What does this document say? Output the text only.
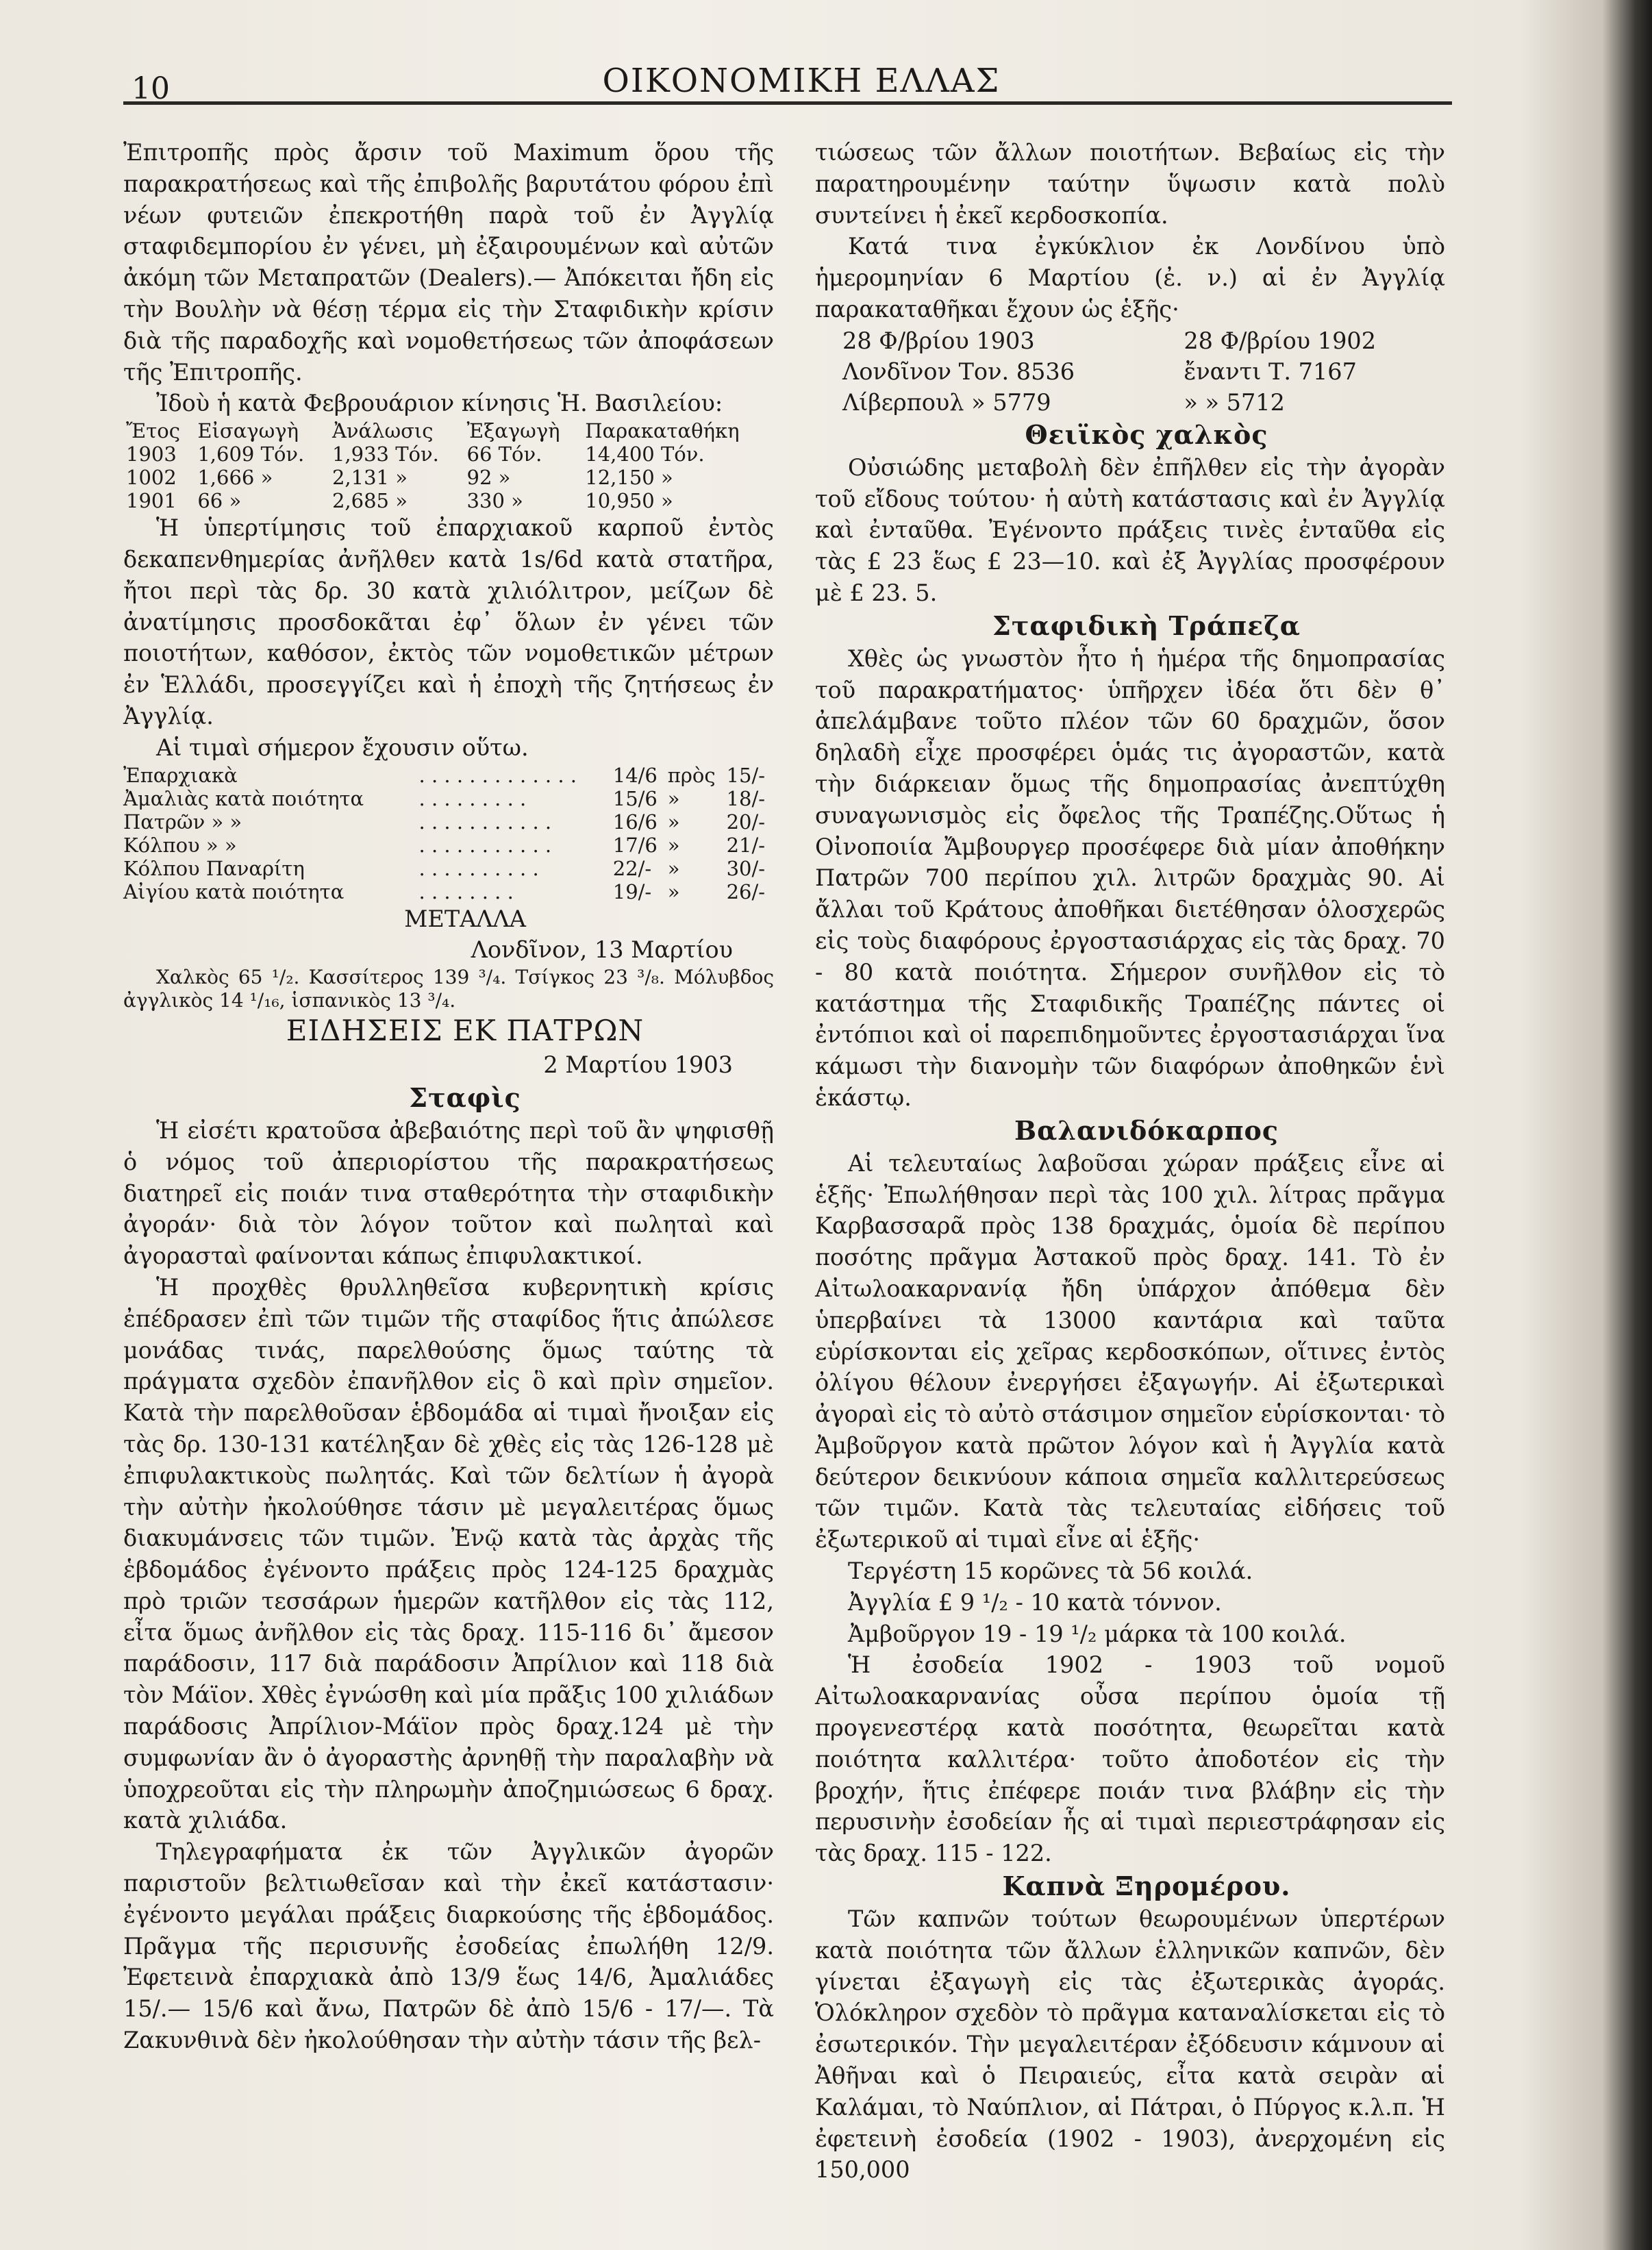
10	ΟΙΚΟΝΟΜΙΚΗ ΕΛΛΑΣ

Ἐπιτροπῆς πρὸς ἄρσιν τοῦ Maximum ὅρου τῆς παρακρατήσεως καὶ τῆς ἐπιβολῆς βαρυτάτου φόρου ἐπὶ νέων φυτειῶν ἐπεκροτήθη παρὰ τοῦ ἐν Ἀγγλίᾳ σταφιδεμπορίου ἐν γένει, μὴ ἐξαιρουμένων καὶ αὐτῶν ἀκόμη τῶν Μεταπρατῶν (Dealers).— Ἀπόκειται ἤδη εἰς τὴν Βουλὴν νὰ θέσῃ τέρμα εἰς τὴν Σταφιδικὴν κρίσιν διὰ τῆς παραδοχῆς καὶ νομοθετήσεως τῶν ἀποφάσεων τῆς Ἐπιτροπῆς.

Ἰδοὺ ἡ κατὰ Φεβρουάριον κίνησις Ἡ. Βασιλείου:

Ἔτος	Εἰσαγωγὴ	Ἀνάλωσις	Ἐξαγωγὴ	Παρακαταθήκη
1903	1,609 Τόν.	1,933 Τόν.	66 Τόν.	14,400 Τόν.
1002	1,666 »	2,131 »	92 »	12,150 »
1901	66 »	2,685 »	330 »	10,950 »

Ἡ ὑπερτίμησις τοῦ ἐπαρχιακοῦ καρποῦ ἐντὸς δεκαπενθημερίας ἀνῆλθεν κατὰ 1s/6d κατὰ στατῆρα, ἤτοι περὶ τὰς δρ. 30 κατὰ χιλιόλιτρον, μείζων δὲ ἀνατίμησις προσδοκᾶται ἐφ᾽ ὅλων ἐν γένει τῶν ποιοτήτων, καθόσον, ἐκτὸς τῶν νομοθετικῶν μέτρων ἐν Ἑλλάδι, προσεγγίζει καὶ ἡ ἐποχὴ τῆς ζητήσεως ἐν Ἀγγλίᾳ.

Αἱ τιμαὶ σήμερον ἔχουσιν οὕτω.

Ἐπαρχιακὰ	. . . . . . . . . . . . .	14/6	πρὸς	15/-
Ἀμαλιὰς κατὰ ποιότητα	. . . . . . . . .	15/6	»	18/-
Πατρῶν » »	. . . . . . . . . . .	16/6	»	20/-
Κόλπου » »	. . . . . . . . . . .	17/6	»	21/-
Κόλπου Παναρίτη	. . . . . . . . . .	22/-	»	30/-
Αἰγίου κατὰ ποιότητα	. . . . . . . .	19/-	»	26/-

ΜΕΤΑΛΛΑ

Λονδῖνον, 13 Μαρτίου

Χαλκὸς 65 ¹/₂. Κασσίτερος 139 ³/₄. Τσίγκος 23 ³/₈. Μόλυβδος ἀγγλικὸς 14 ¹/₁₆, ἱσπανικὸς 13 ³/₄.

ΕΙΔΗΣΕΙΣ ΕΚ ΠΑΤΡΩΝ

2 Μαρτίου 1903

Σταφὶς

Ἡ εἰσέτι κρατοῦσα ἀβεβαιότης περὶ τοῦ ἂν ψηφισθῇ ὁ νόμος τοῦ ἀπεριορίστου τῆς παρακρατήσεως διατηρεῖ εἰς ποιάν τινα σταθερότητα τὴν σταφιδικὴν ἀγοράν· διὰ τὸν λόγον τοῦτον καὶ πωληταὶ καὶ ἀγορασταὶ φαίνονται κάπως ἐπιφυλακτικοί.

Ἡ προχθὲς θρυλληθεῖσα κυβερνητικὴ κρίσις ἐπέδρασεν ἐπὶ τῶν τιμῶν τῆς σταφίδος ἥτις ἀπώλεσε μονάδας τινάς, παρελθούσης ὅμως ταύτης τὰ πράγματα σχεδὸν ἐπανῆλθον εἰς ὃ καὶ πρὶν σημεῖον. Κατὰ τὴν παρελθοῦσαν ἑβδομάδα αἱ τιμαὶ ἤνοιξαν εἰς τὰς δρ. 130-131 κατέληξαν δὲ χθὲς εἰς τὰς 126-128 μὲ ἐπιφυλακτικοὺς πωλητάς. Καὶ τῶν δελτίων ἡ ἀγορὰ τὴν αὐτὴν ἠκολούθησε τάσιν μὲ μεγαλειτέρας ὅμως διακυμάνσεις τῶν τιμῶν. Ἐνῷ κατὰ τὰς ἀρχὰς τῆς ἑβδομάδος ἐγένοντο πράξεις πρὸς 124-125 δραχμὰς πρὸ τριῶν τεσσάρων ἡμερῶν κατῆλθον εἰς τὰς 112, εἶτα ὅμως ἀνῆλθον εἰς τὰς δραχ. 115-116 δι᾽ ἄμεσον παράδοσιν, 117 διὰ παράδοσιν Ἀπρίλιον καὶ 118 διὰ τὸν Μάϊον. Χθὲς ἐγνώσθη καὶ μία πρᾶξις 100 χιλιάδων παράδοσις Ἀπρίλιον-Μάϊον πρὸς δραχ.124 μὲ τὴν συμφωνίαν ἂν ὁ ἀγοραστὴς ἀρνηθῇ τὴν παραλαβὴν νὰ ὑποχρεοῦται εἰς τὴν πληρωμὴν ἀποζημιώσεως 6 δραχ. κατὰ χιλιάδα.

Τηλεγραφήματα ἐκ τῶν Ἀγγλικῶν ἀγορῶν παριστοῦν βελτιωθεῖσαν καὶ τὴν ἐκεῖ κατάστασιν· ἐγένοντο μεγάλαι πράξεις διαρκούσης τῆς ἑβδομάδος. Πρᾶγμα τῆς περισυνῆς ἐσοδείας ἐπωλήθη 12/9. Ἐφετεινὰ ἐπαρχιακὰ ἀπὸ 13/9 ἕως 14/6, Ἀμαλιάδες 15/.— 15/6 καὶ ἄνω, Πατρῶν δὲ ἀπὸ 15/6 - 17/—. Τὰ Ζακυνθινὰ δὲν ἠκολούθησαν τὴν αὐτὴν τάσιν τῆς βελ-

τιώσεως τῶν ἄλλων ποιοτήτων. Βεβαίως εἰς τὴν παρατηρουμένην ταύτην ὕψωσιν κατὰ πολὺ συντείνει ἡ ἐκεῖ κερδοσκοπία.

Κατά τινα ἐγκύκλιον ἐκ Λονδίνου ὑπὸ ἡμερομηνίαν 6 Μαρτίου (ἐ. ν.) αἱ ἐν Ἀγγλίᾳ παρακαταθῆκαι ἔχουν ὡς ἑξῆς·

28 Φ/βρίου 1903	28 Φ/βρίου 1902
Λονδῖνον Τον. 8536	ἔναντι Τ. 7167
Λίβερπουλ » 5779	» » 5712

Θειϊκὸς χαλκὸς

Οὐσιώδης μεταβολὴ δὲν ἐπῆλθεν εἰς τὴν ἀγορὰν τοῦ εἴδους τούτου· ἡ αὐτὴ κατάστασις καὶ ἐν Ἀγγλίᾳ καὶ ἐνταῦθα. Ἐγένοντο πράξεις τινὲς ἐνταῦθα εἰς τὰς £ 23 ἕως £ 23—10. καὶ ἐξ Ἀγγλίας προσφέρουν μὲ £ 23. 5.

Σταφιδικὴ Τράπεζα

Χθὲς ὡς γνωστὸν ἦτο ἡ ἡμέρα τῆς δημοπρασίας τοῦ παρακρατήματος· ὑπῆρχεν ἰδέα ὅτι δὲν θ᾽ ἀπελάμβανε τοῦτο πλέον τῶν 60 δραχμῶν, ὅσον δηλαδὴ εἶχε προσφέρει ὁμάς τις ἀγοραστῶν, κατὰ τὴν διάρκειαν ὅμως τῆς δημοπρασίας ἀνεπτύχθη συναγωνισμὸς εἰς ὄφελος τῆς Τραπέζης.Οὕτως ἡ Οἰνοποιία Ἄμβουργερ προσέφερε διὰ μίαν ἀποθήκην Πατρῶν 700 περίπου χιλ. λιτρῶν δραχμὰς 90. Αἱ ἄλλαι τοῦ Κράτους ἀποθῆκαι διετέθησαν ὁλοσχερῶς εἰς τοὺς διαφόρους ἐργοστασιάρχας εἰς τὰς δραχ. 70 - 80 κατὰ ποιότητα. Σήμερον συνῆλθον εἰς τὸ κατάστημα τῆς Σταφιδικῆς Τραπέζης πάντες οἱ ἐντόπιοι καὶ οἱ παρεπιδημοῦντες ἐργοστασιάρχαι ἵνα κάμωσι τὴν διανομὴν τῶν διαφόρων ἀποθηκῶν ἑνὶ ἑκάστῳ.

Βαλανιδόκαρπος

Αἱ τελευταίως λαβοῦσαι χώραν πράξεις εἶνε αἱ ἑξῆς· Ἐπωλήθησαν περὶ τὰς 100 χιλ. λίτρας πρᾶγμα Καρβασσαρᾶ πρὸς 138 δραχμάς, ὁμοία δὲ περίπου ποσότης πρᾶγμα Ἀστακοῦ πρὸς δραχ. 141. Τὸ ἐν Αἰτωλοακαρνανίᾳ ἤδη ὑπάρχον ἀπόθεμα δὲν ὑπερβαίνει τὰ 13000 καντάρια καὶ ταῦτα εὑρίσκονται εἰς χεῖρας κερδοσκόπων, οἵτινες ἐντὸς ὀλίγου θέλουν ἐνεργήσει ἐξαγωγήν. Αἱ ἐξωτερικαὶ ἀγοραὶ εἰς τὸ αὐτὸ στάσιμον σημεῖον εὑρίσκονται· τὸ Ἀμβοῦργον κατὰ πρῶτον λόγον καὶ ἡ Ἀγγλία κατὰ δεύτερον δεικνύουν κάποια σημεῖα καλλιτερεύσεως τῶν τιμῶν. Κατὰ τὰς τελευταίας εἰδήσεις τοῦ ἐξωτερικοῦ αἱ τιμαὶ εἶνε αἱ ἑξῆς·

Τεργέστη 15 κορῶνες τὰ 56 κοιλά.

Ἀγγλία £ 9 ¹/₂ - 10 κατὰ τόννον.

Ἀμβοῦργον 19 - 19 ¹/₂ μάρκα τὰ 100 κοιλά.

Ἡ ἐσοδεία 1902 - 1903 τοῦ νομοῦ Αἰτωλοακαρνανίας οὖσα περίπου ὁμοία τῇ προγενεστέρᾳ κατὰ ποσότητα, θεωρεῖται κατὰ ποιότητα καλλιτέρα· τοῦτο ἀποδοτέον εἰς τὴν βροχήν, ἥτις ἐπέφερε ποιάν τινα βλάβην εἰς τὴν περυσινὴν ἐσοδείαν ἧς αἱ τιμαὶ περιεστράφησαν εἰς τὰς δραχ. 115 - 122.

Καπνὰ Ξηρομέρου.

Τῶν καπνῶν τούτων θεωρουμένων ὑπερτέρων κατὰ ποιότητα τῶν ἄλλων ἑλληνικῶν καπνῶν, δὲν γίνεται ἐξαγωγὴ εἰς τὰς ἐξωτερικὰς ἀγοράς. Ὁλόκληρον σχεδὸν τὸ πρᾶγμα καταναλίσκεται εἰς τὸ ἐσωτερικόν. Τὴν μεγαλειτέραν ἐξόδευσιν κάμνουν αἱ Ἀθῆναι καὶ ὁ Πειραιεύς, εἶτα κατὰ σειρὰν αἱ Καλάμαι, τὸ Ναύπλιον, αἱ Πάτραι, ὁ Πύργος κ.λ.π. Ἡ ἐφετεινὴ ἐσοδεία (1902 - 1903), ἀνερχομένη εἰς 150,000
